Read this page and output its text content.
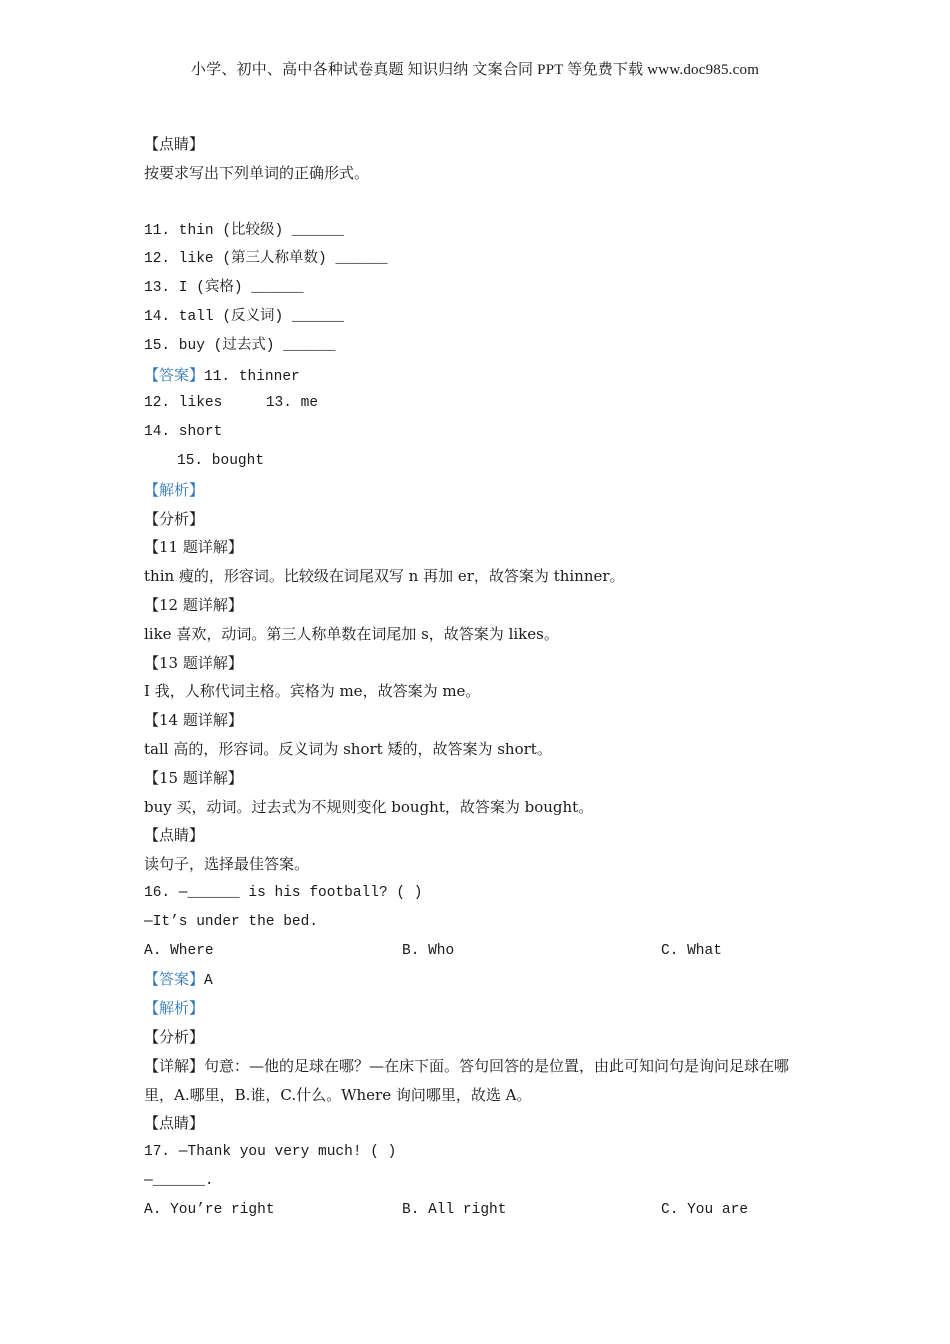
小学、初中、高中各种试卷真题 知识归纳 文案合同 PPT 等免费下载 www.doc985.com
【点睛】
按要求写出下列单词的正确形式。
11. thin (比较级) ______
12. like (第三人称单数) ______
13. I (宾格) ______
14. tall (反义词) ______
15. buy (过去式) ______
【答案】11. thinner
12. likes	13. me
14. short
15. bought
【解析】
【分析】
【11 题详解】
thin 瘦的，形容词。比较级在词尾双写 n 再加 er，故答案为 thinner。
【12 题详解】
like 喜欢，动词。第三人称单数在词尾加 s，故答案为 likes。
【13 题详解】
I 我，人称代词主格。宾格为 me，故答案为 me。
【14 题详解】
tall 高的，形容词。反义词为 short 矮的，故答案为 short。
【15 题详解】
buy 买，动词。过去式为不规则变化 bought，故答案为 bought。
【点睛】
读句子，选择最佳答案。
16. —______ is his football? ( )
—It’s under the bed.
A. Where	B. Who	C. What
【答案】A
【解析】
【分析】
【详解】句意：—他的足球在哪？—在床下面。答句回答的是位置，由此可知问句是询问足球在哪里，A.哪里，B.谁，C.什么。Where 询问哪里，故选 A。
【点睛】
17. —Thank you very much! ( )
—______.
A. You’re right	B. All right	C. You are
